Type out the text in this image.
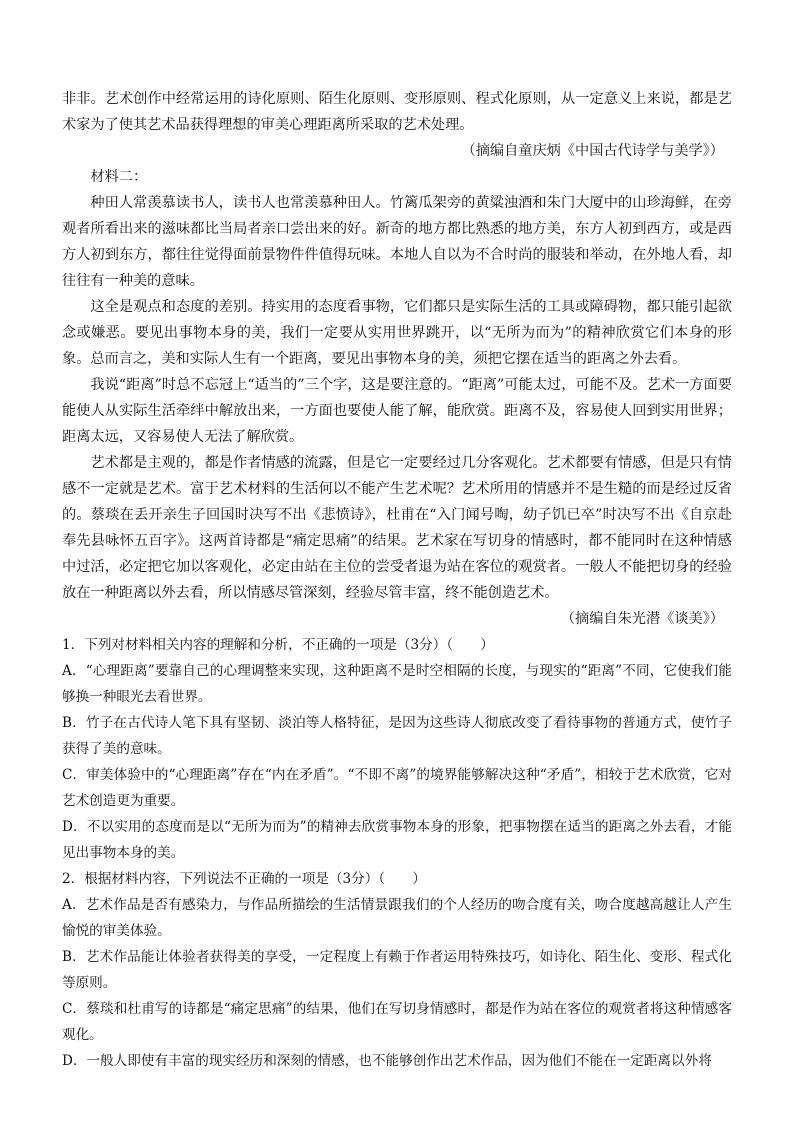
非非。艺术创作中经常运用的诗化原则、陌生化原则、变形原则、程式化原则，从一定意义上来说，都是艺术家为了使其艺术品获得理想的审美心理距离所采取的艺术处理。

（摘编自童庆炳《中国古代诗学与美学》）

材料二：

种田人常羡慕读书人，读书人也常羡慕种田人。竹篱瓜架旁的黄粱浊酒和朱门大厦中的山珍海鲜，在旁观者所看出来的滋味都比当局者亲口尝出来的好。新奇的地方都比熟悉的地方美，东方人初到西方，或是西方人初到东方，都往往觉得面前景物件件值得玩味。本地人自以为不合时尚的服装和举动，在外地人看，却往往有一种美的意味。

这全是观点和态度的差别。持实用的态度看事物，它们都只是实际生活的工具或障碍物，都只能引起欲念或嫌恶。要见出事物本身的美，我们一定要从实用世界跳开，以“无所为而为”的精神欣赏它们本身的形象。总而言之，美和实际人生有一个距离，要见出事物本身的美，须把它摆在适当的距离之外去看。

我说“距离”时总不忘冠上“适当的”三个字，这是要注意的。“距离”可能太过，可能不及。艺术一方面要能使人从实际生活牵绊中解放出来，一方面也要使人能了解，能欣赏。距离不及，容易使人回到实用世界；距离太远，又容易使人无法了解欣赏。

艺术都是主观的，都是作者情感的流露，但是它一定要经过几分客观化。艺术都要有情感，但是只有情感不一定就是艺术。富于艺术材料的生活何以不能产生艺术呢？艺术所用的情感并不是生糙的而是经过反省的。蔡琰在丢开亲生子回国时决写不出《悲愤诗》，杜甫在“入门闻号啕，幼子饥已卒”时决写不出《自京赴奉先县咏怀五百字》。这两首诗都是“痛定思痛”的结果。艺术家在写切身的情感时，都不能同时在这种情感中过活，必定把它加以客观化，必定由站在主位的尝受者退为站在客位的观赏者。一般人不能把切身的经验放在一种距离以外去看，所以情感尽管深刻，经验尽管丰富，终不能创造艺术。

（摘编自朱光潜《谈美》）

1．下列对材料相关内容的理解和分析，不正确的一项是（3分）（　　）

A．“心理距离”要靠自己的心理调整来实现，这种距离不是时空相隔的长度，与现实的“距离”不同，它使我们能够换一种眼光去看世界。

B．竹子在古代诗人笔下具有坚韧、淡泊等人格特征，是因为这些诗人彻底改变了看待事物的普通方式，使竹子获得了美的意味。

C．审美体验中的“心理距离”存在“内在矛盾”。“不即不离”的境界能够解决这种“矛盾”，相较于艺术欣赏，它对艺术创造更为重要。

D．不以实用的态度而是以“无所为而为”的精神去欣赏事物本身的形象，把事物摆在适当的距离之外去看，才能见出事物本身的美。

2．根据材料内容，下列说法不正确的一项是（3分）（　　）

A．艺术作品是否有感染力，与作品所描绘的生活情景跟我们的个人经历的吻合度有关，吻合度越高越让人产生愉悦的审美体验。

B．艺术作品能让体验者获得美的享受，一定程度上有赖于作者运用特殊技巧，如诗化、陌生化、变形、程式化等原则。

C．蔡琰和杜甫写的诗都是“痛定思痛”的结果，他们在写切身情感时，都是作为站在客位的观赏者将这种情感客观化。

D．一般人即使有丰富的现实经历和深刻的情感，也不能够创作出艺术作品，因为他们不能在一定距离以外将
